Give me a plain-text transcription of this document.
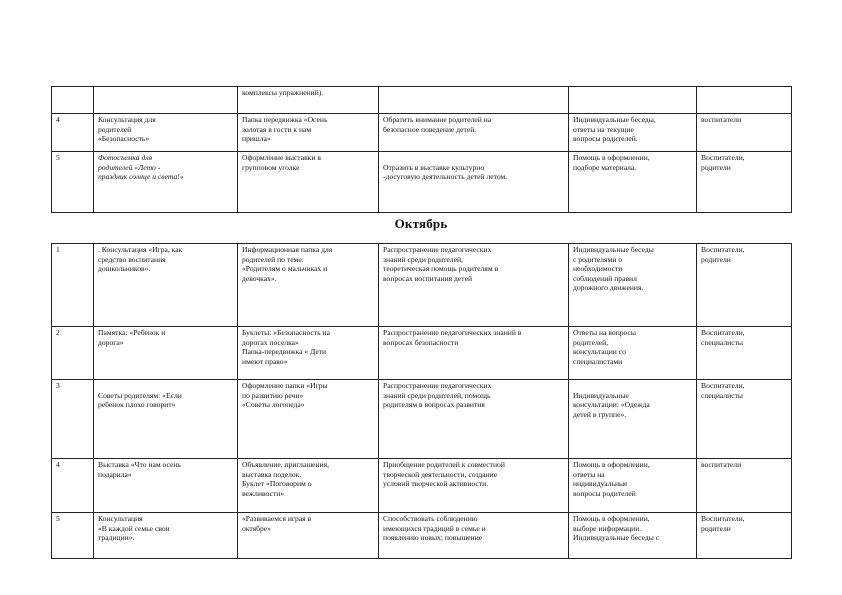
		комплексы упражнений).			

4	Консультация для
родителей
«Безопасность»	Папка передвижка «Осень
золотая в гости к нам
пришла»	Обратить внимание родителей на
безопасное поведение детей.	Индивидуальные беседы,
ответы на текущие
вопросы родителей.	воспитатели

5	Фотосъемка для
родителей «Лето -
праздник солнце и света!»	Оформление выставки в
групповом уголке	Отразить в выставке культурно
-досуговую деятельность детей летом.	Помощь в оформлении,
подборе материала.	Воспитатели,
родители
Октябрь
1	. Консультация «Игра, как
средство воспитания
дошкольников».	Информационная папка для
родителей по теме:
«Родителям о мальчиках и
девочках».	Распространение педагогических
знаний среди родителей,
теоретическая помощь родителям в
вопросах воспитания детей	Индивидуальные беседы
с родителями о
необходимости
соблюдений правил
дорожного движения.	Воспитатели,
родители

2	Памятка: «Ребенок и
дорога»	Буклеты: «Безопасность на
дорогах поселка»
Папка-передвижка « Дети
имеют право»	Распространение педагогических знаний в
вопросах безопасности	Ответы на вопросы
родителей,
консультации со
специалистами	Воспитатели,
специалисты

3	Советы родителям: «Если
ребенок плохо говорит»	Оформление папки «Игры
по развитию речи»
«Советы логопеда»	Распространение педагогических
знаний среди родителей, помощь
родителям в вопросах развития	Индивидуальные
консультации: «Одежда
детей в группе».	Воспитатели,
специалисты

4	Выставка «Что нам осень
подарила»	Объявление, приглашения,
выставка поделок.
Буклет «Поговорим о
вежливости»	Приобщение родителей к совместной
творческой деятельности, создание
условий творческой активности.	Помощь в оформлении,
ответы на
индивидуальные
вопросы родителей	воспитатели

5	Консультация
«В каждой семье свои
традиции».	«Развиваемся играя в
октябре»	Способствовать соблюдению
имеющихся традиций в семье и
появлению новых; повышение	Помощь в оформлении,
выборе информации.
Индивидуальные беседы с	Воспитатели,
родители
